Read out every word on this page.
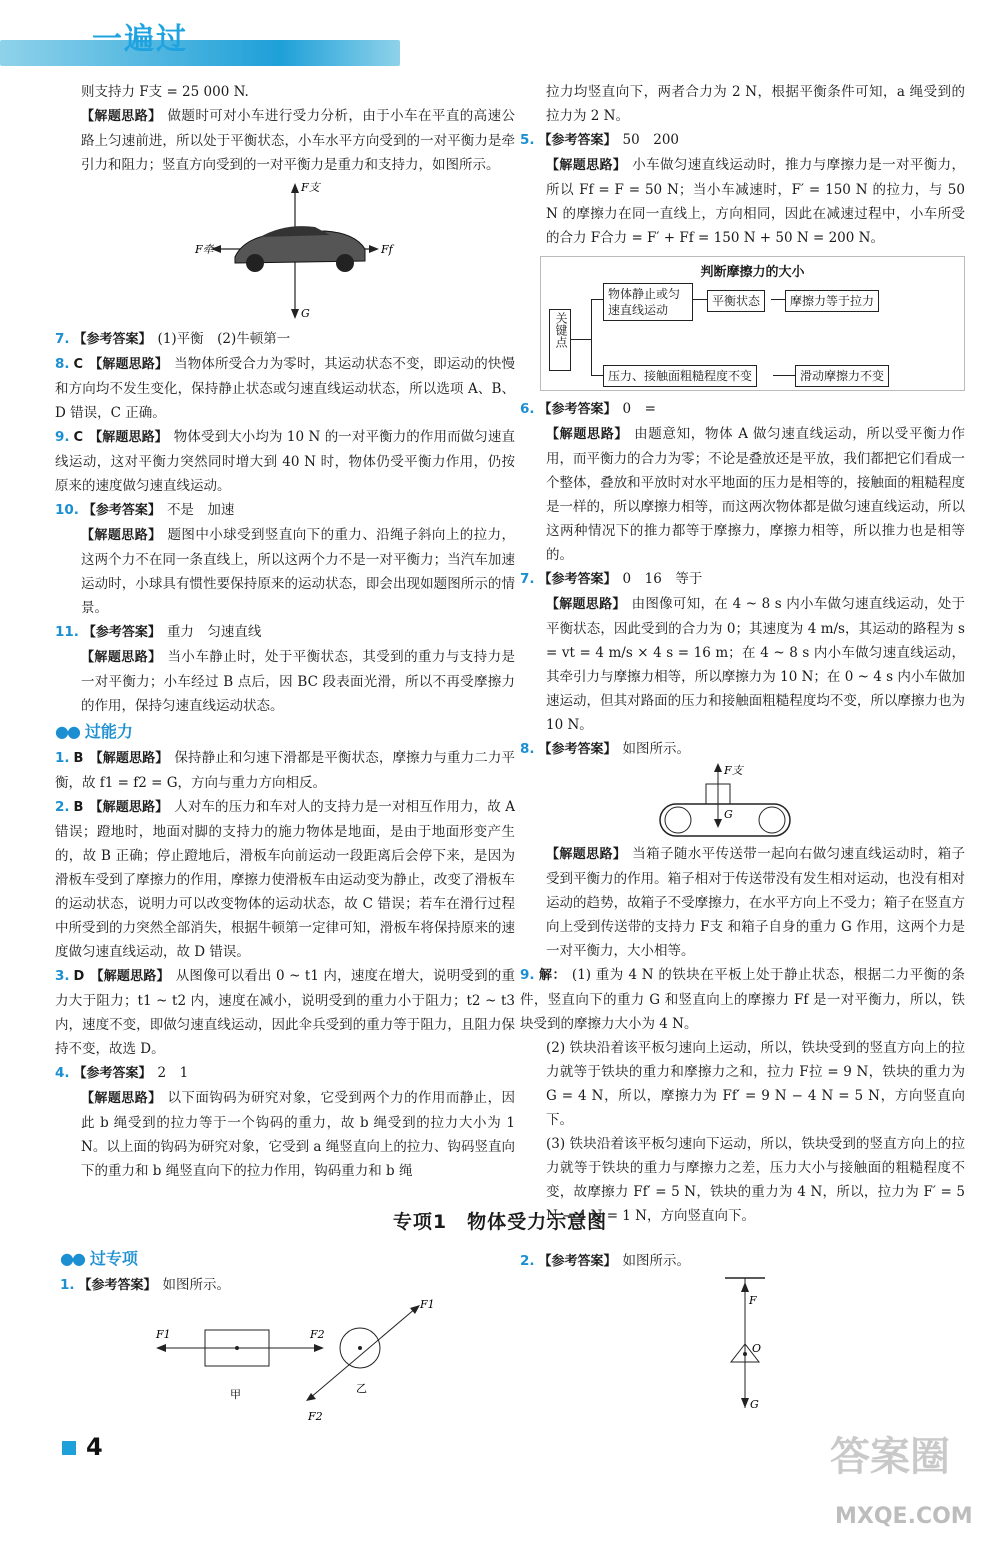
一遍过

则支持力 F支 = 25 000 N.

【解题思路】 做题时可对小车进行受力分析，由于小车在平直的高速公路上匀速前进，所以处于平衡状态，小车水平方向受到的一对平衡力是牵引力和阻力；竖直方向受到的一对平衡力是重力和支持力，如图所示。

F支
F牵	Ff
G

7. 【参考答案】 (1)平衡　(2)牛顿第一

8. C 【解题思路】 当物体所受合力为零时，其运动状态不变，即运动的快慢和方向均不发生变化，保持静止状态或匀速直线运动状态，所以选项 A、B、D 错误，C 正确。

9. C 【解题思路】 物体受到大小均为 10 N 的一对平衡力的作用而做匀速直线运动，这对平衡力突然同时增大到 40 N 时，物体仍受平衡力作用，仍按原来的速度做匀速直线运动。

10. 【参考答案】 不是　加速

【解题思路】 题图中小球受到竖直向下的重力、沿绳子斜向上的拉力，这两个力不在同一条直线上，所以这两个力不是一对平衡力；当汽车加速运动时，小球具有惯性要保持原来的运动状态，即会出现如题图所示的情景。

11. 【参考答案】 重力　匀速直线

【解题思路】 当小车静止时，处于平衡状态，其受到的重力与支持力是一对平衡力；小车经过 B 点后，因 BC 段表面光滑，所以不再受摩擦力的作用，保持匀速直线运动状态。

●● 过能力

1. B 【解题思路】 保持静止和匀速下滑都是平衡状态，摩擦力与重力二力平衡，故 f1 = f2 = G，方向与重力方向相反。

2. B 【解题思路】 人对车的压力和车对人的支持力是一对相互作用力，故 A 错误；蹬地时，地面对脚的支持力的施力物体是地面，是由于地面形变产生的，故 B 正确；停止蹬地后，滑板车向前运动一段距离后会停下来，是因为滑板车受到了摩擦力的作用，摩擦力使滑板车由运动变为静止，改变了滑板车的运动状态，说明力可以改变物体的运动状态，故 C 错误；若车在滑行过程中所受到的力突然全部消失，根据牛顿第一定律可知，滑板车将保持原来的速度做匀速直线运动，故 D 错误。

3. D 【解题思路】 从图像可以看出 0 ~ t1 内，速度在增大，说明受到的重力大于阻力；t1 ~ t2 内，速度在减小，说明受到的重力小于阻力；t2 ~ t3 内，速度不变，即做匀速直线运动，因此伞兵受到的重力等于阻力，且阻力保持不变，故选 D。

4. 【参考答案】 2　1

【解题思路】 以下面钩码为研究对象，它受到两个力的作用而静止，因此 b 绳受到的拉力等于一个钩码的重力，故 b 绳受到的拉力大小为 1 N。以上面的钩码为研究对象，它受到 a 绳竖直向上的拉力、钩码竖直向下的重力和 b 绳竖直向下的拉力作用，钩码重力和 b 绳

拉力均竖直向下，两者合力为 2 N，根据平衡条件可知，a 绳受到的拉力为 2 N。

5. 【参考答案】 50　200

【解题思路】 小车做匀速直线运动时，推力与摩擦力是一对平衡力，所以 Ff = F = 50 N；当小车减速时，F′ = 150 N 的拉力，与 50 N 的摩擦力在同一直线上，方向相同，因此在减速过程中，小车所受的合力 F合力 = F′ + Ff = 150 N + 50 N = 200 N。

判断摩擦力的大小
关键点
物体静止或匀速直线运动
平衡状态	摩擦力等于拉力
压力、接触面粗糙程度不变	滑动摩擦力不变

6. 【参考答案】 0　=

【解题思路】 由题意知，物体 A 做匀速直线运动，所以受平衡力作用，而平衡力的合力为零；不论是叠放还是平放，我们都把它们看成一个整体，叠放和平放时对水平地面的压力是相等的，接触面的粗糙程度是一样的，所以摩擦力相等，而这两次物体都是做匀速直线运动，所以这两种情况下的推力都等于摩擦力，摩擦力相等，所以推力也是相等的。

7. 【参考答案】 0　16　等于

【解题思路】 由图像可知，在 4 ~ 8 s 内小车做匀速直线运动，处于平衡状态，因此受到的合力为 0；其速度为 4 m/s，其运动的路程为 s = vt = 4 m/s × 4 s = 16 m；在 4 ~ 8 s 内小车做匀速直线运动，其牵引力与摩擦力相等，所以摩擦力为 10 N；在 0 ~ 4 s 内小车做加速运动，但其对路面的压力和接触面粗糙程度均不变，所以摩擦力也为 10 N。

8. 【参考答案】 如图所示。

F支
G

【解题思路】 当箱子随水平传送带一起向右做匀速直线运动时，箱子受到平衡力的作用。箱子相对于传送带没有发生相对运动，也没有相对运动的趋势，故箱子不受摩擦力，在水平方向上不受力；箱子在竖直方向上受到传送带的支持力 F支 和箱子自身的重力 G 作用，这两个力是一对平衡力，大小相等。

9. 解： (1) 重为 4 N 的铁块在平板上处于静止状态，根据二力平衡的条件，竖直向下的重力 G 和竖直向上的摩擦力 Ff 是一对平衡力，所以，铁块受到的摩擦力大小为 4 N。

(2) 铁块沿着该平板匀速向上运动，所以，铁块受到的竖直方向上的拉力就等于铁块的重力和摩擦力之和，拉力 F拉 = 9 N，铁块的重力为 G = 4 N，所以，摩擦力为 Ff′ = 9 N − 4 N = 5 N，方向竖直向下。

(3) 铁块沿着该平板匀速向下运动，所以，铁块受到的竖直方向上的拉力就等于铁块的重力与摩擦力之差，压力大小与接触面的粗糙程度不变，故摩擦力 Ff′ = 5 N，铁块的重力为 4 N，所以，拉力为 F′ = 5 N − 4 N = 1 N，方向竖直向下。

专项1　物体受力示意图
●● 过专项

1. 【参考答案】 如图所示。

F1	F2
甲	乙
F1
F2

2. 【参考答案】 如图所示。

F
O
G
4	答案圈
MXQE.COM
